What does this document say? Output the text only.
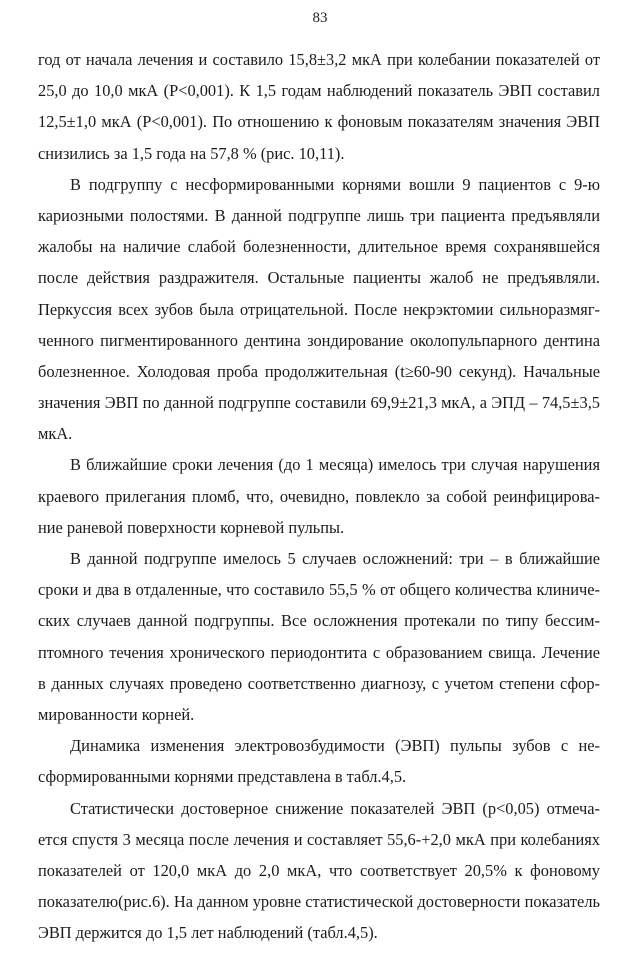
83
год от начала лечения и составило 15,8±3,2 мкА при колебании показателей от
25,0 до 10,0 мкА (P<0,001). К 1,5 годам наблюдений показатель ЭВП составил
12,5±1,0 мкА (P<0,001). По отношению к фоновым показателям значения ЭВП
снизились за 1,5 года на 57,8 % (рис. 10,11).
В подгруппу с несформированными корнями вошли 9 пациентов с 9-ю
кариозными полостями. В данной подгруппе лишь три пациента предъявляли
жалобы на наличие слабой болезненности, длительное время сохранявшейся
после действия раздражителя. Остальные пациенты жалоб не предъявляли.
Перкуссия всех зубов была отрицательной. После некрэктомии сильноразмяг-
ченного пигментированного дентина зондирование околопульпарного дентина
болезненное. Холодовая проба продолжительная (t≥60-90 секунд). Начальные
значения ЭВП по данной подгруппе составили 69,9±21,3 мкА, а ЭПД – 74,5±3,5
мкА.
В ближайшие сроки лечения (до 1 месяца) имелось три случая нарушения
краевого прилегания пломб, что, очевидно, повлекло за собой реинфицирова-
ние раневой поверхности корневой пульпы.
В данной подгруппе имелось 5 случаев осложнений: три – в ближайшие
сроки и два в отдаленные, что составило 55,5 % от общего количества клиниче-
ских случаев данной подгруппы. Все осложнения протекали по типу бессим-
птомного течения хронического периодонтита с образованием свища. Лечение
в данных случаях проведено соответственно диагнозу, с учетом степени сфор-
мированности корней.
Динамика изменения электровозбудимости (ЭВП) пульпы зубов с не-
сформированными корнями представлена в табл.4,5.
Статистически достоверное снижение показателей ЭВП (p<0,05) отмеча-
ется спустя 3 месяца после лечения и составляет 55,6-+2,0 мкА при колебаниях
показателей от 120,0 мкА до 2,0 мкА, что соответствует 20,5% к фоновому
показателю(рис.6). На данном уровне статистической достоверности показатель
ЭВП держится до 1,5 лет наблюдений (табл.4,5).
